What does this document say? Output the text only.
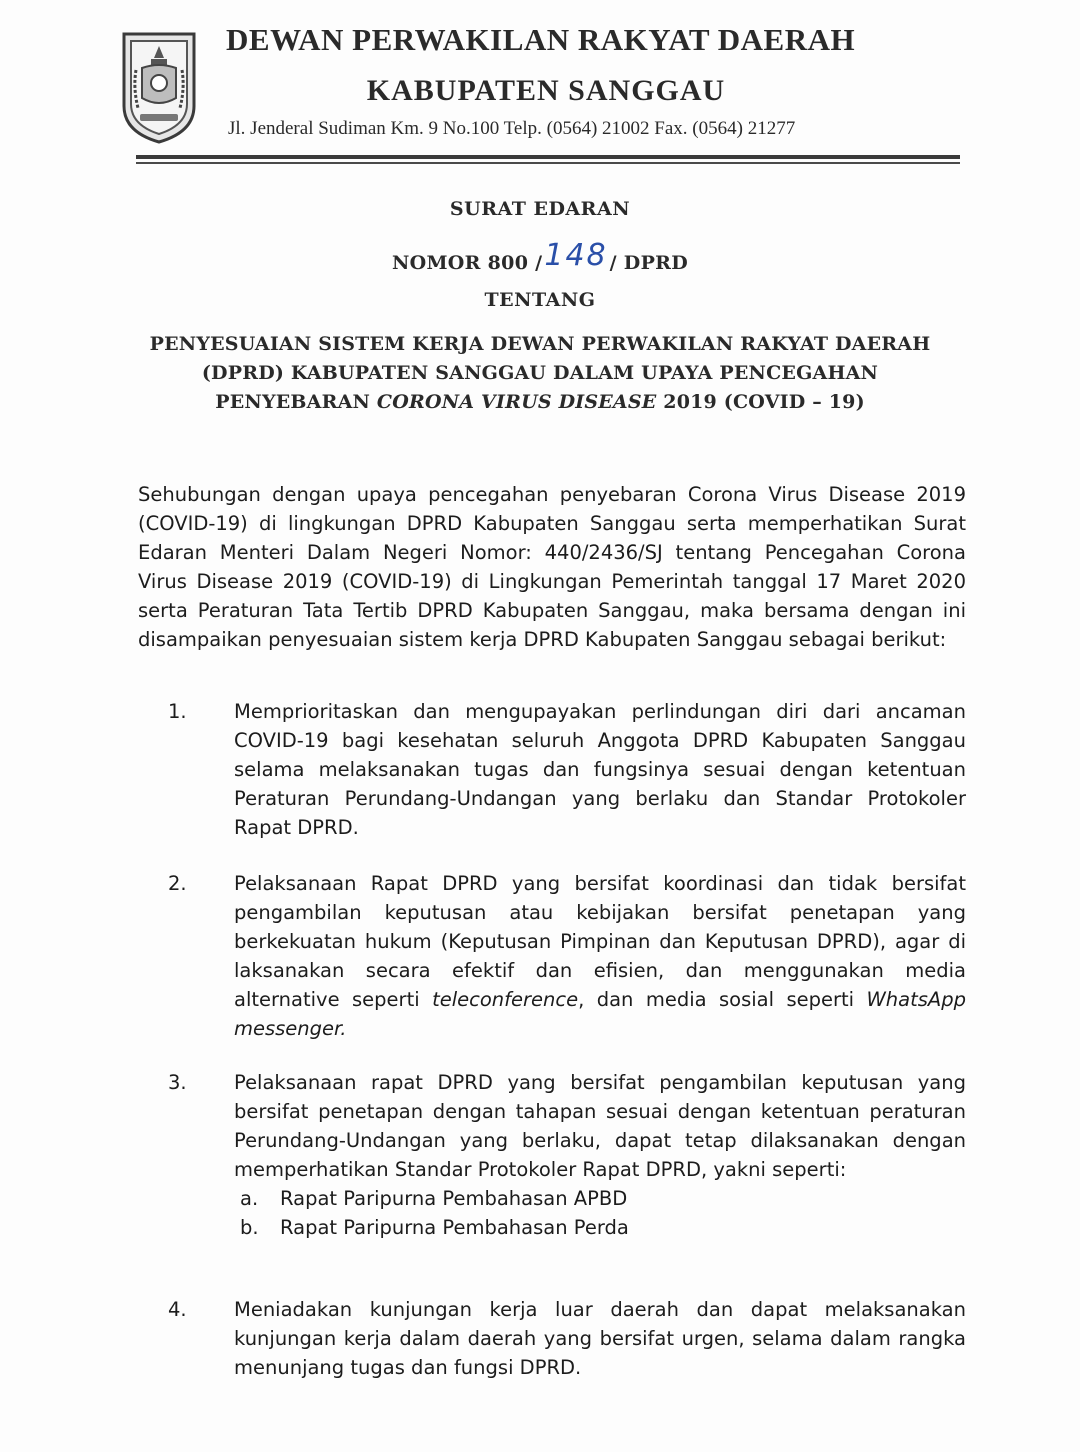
DEWAN PERWAKILAN RAKYAT DAERAH
KABUPATEN SANGGAU
Jl. Jenderal Sudiman Km. 9 No.100 Telp. (0564) 21002 Fax. (0564) 21277
SURAT EDARAN
NOMOR 800 /148 / DPRD
TENTANG
PENYESUAIAN SISTEM KERJA DEWAN PERWAKILAN RAKYAT DAERAH
(DPRD) KABUPATEN SANGGAU DALAM UPAYA PENCEGAHAN
PENYEBARAN CORONA VIRUS DISEASE 2019 (COVID – 19)
Sehubungan dengan upaya pencegahan penyebaran Corona Virus Disease 2019 (COVID-19) di lingkungan DPRD Kabupaten Sanggau serta memperhatikan Surat Edaran Menteri Dalam Negeri Nomor: 440/2436/SJ tentang Pencegahan Corona Virus Disease 2019 (COVID-19) di Lingkungan Pemerintah tanggal 17 Maret 2020 serta Peraturan Tata Tertib DPRD Kabupaten Sanggau, maka bersama dengan ini disampaikan penyesuaian sistem kerja DPRD Kabupaten Sanggau sebagai berikut:
1. Memprioritaskan dan mengupayakan perlindungan diri dari ancaman COVID-19 bagi kesehatan seluruh Anggota DPRD Kabupaten Sanggau selama melaksanakan tugas dan fungsinya sesuai dengan ketentuan Peraturan Perundang-Undangan yang berlaku dan Standar Protokoler Rapat DPRD.
2. Pelaksanaan Rapat DPRD yang bersifat koordinasi dan tidak bersifat pengambilan keputusan atau kebijakan bersifat penetapan yang berkekuatan hukum (Keputusan Pimpinan dan Keputusan DPRD), agar di laksanakan secara efektif dan efisien, dan menggunakan media alternative seperti teleconference, dan media sosial seperti WhatsApp messenger.
3. Pelaksanaan rapat DPRD yang bersifat pengambilan keputusan yang bersifat penetapan dengan tahapan sesuai dengan ketentuan peraturan Perundang-Undangan yang berlaku, dapat tetap dilaksanakan dengan memperhatikan Standar Protokoler Rapat DPRD, yakni seperti:
a. Rapat Paripurna Pembahasan APBD
b. Rapat Paripurna Pembahasan Perda
4. Meniadakan kunjungan kerja luar daerah dan dapat melaksanakan kunjungan kerja dalam daerah yang bersifat urgen, selama dalam rangka menunjang tugas dan fungsi DPRD.
